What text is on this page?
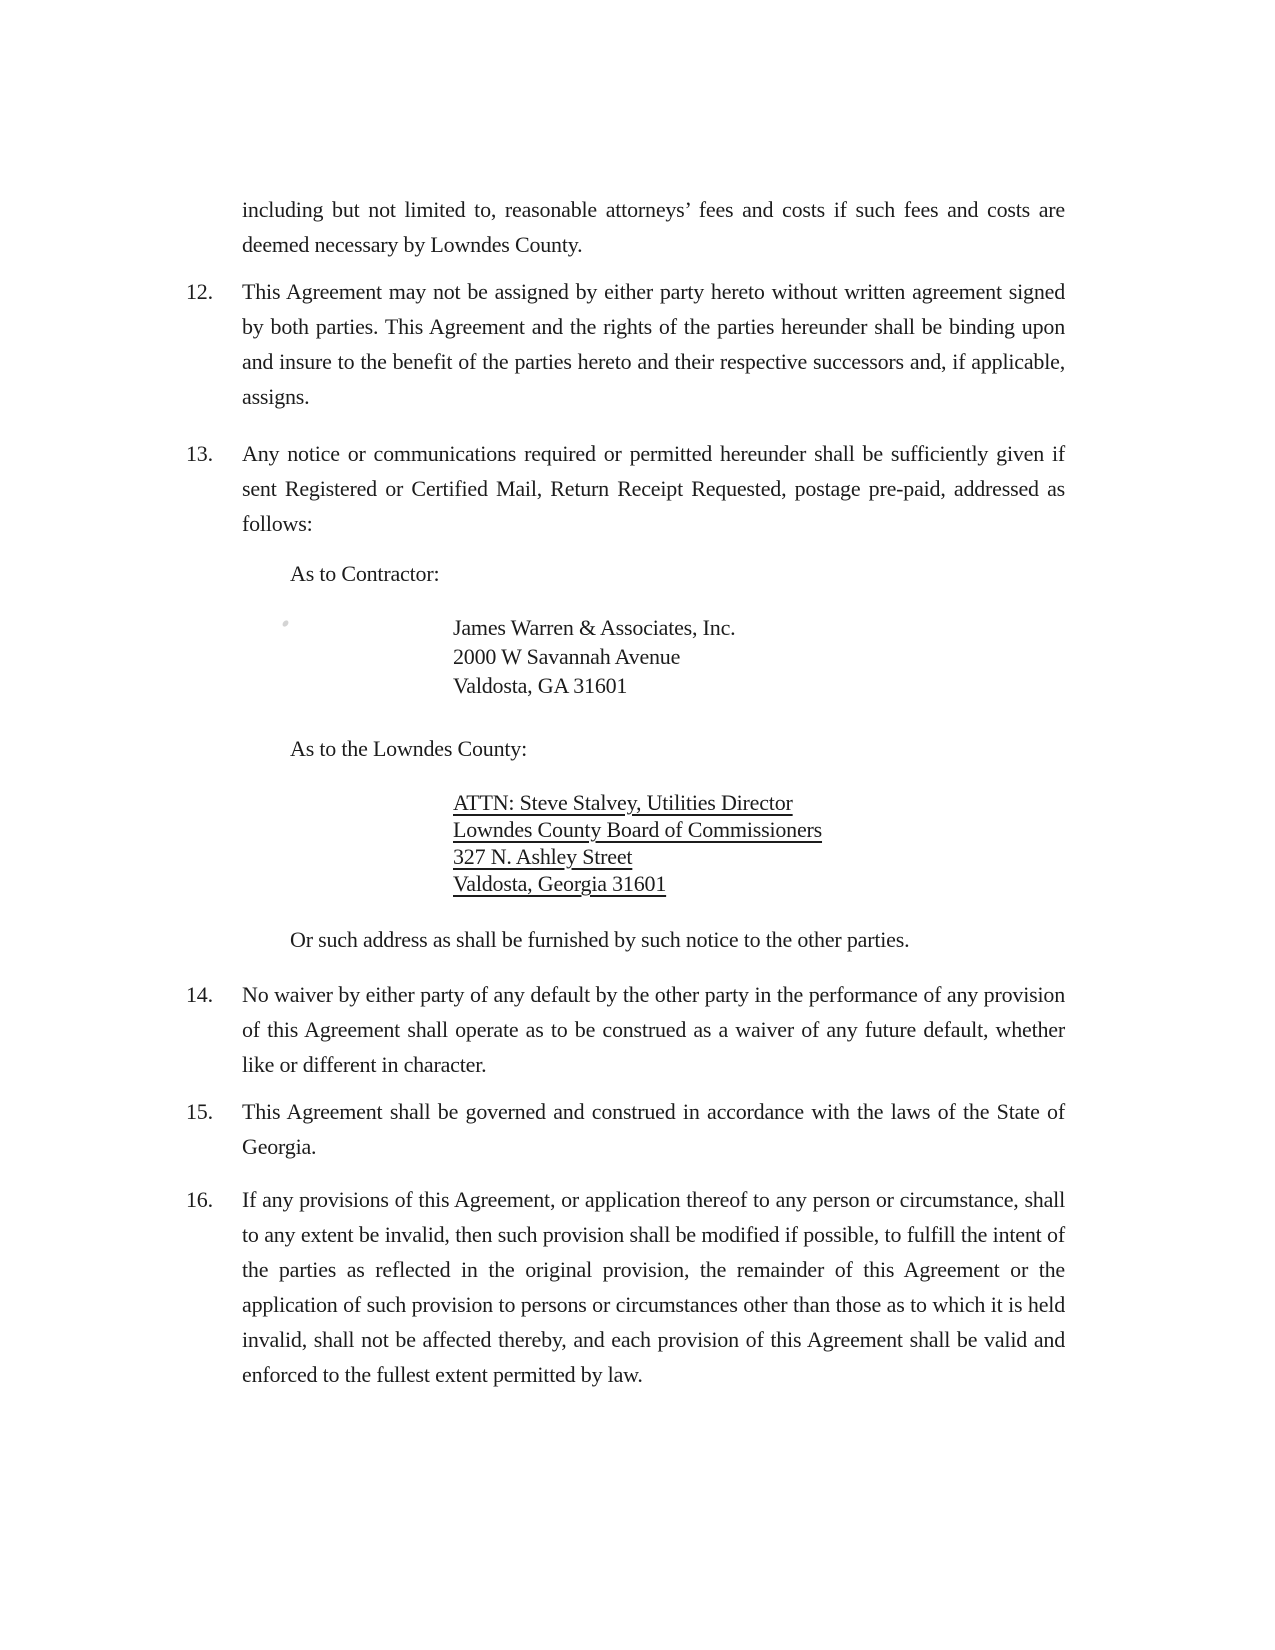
including but not limited to, reasonable attorneys’ fees and costs if such fees and costs are deemed necessary by Lowndes County.
12.	This Agreement may not be assigned by either party hereto without written agreement signed by both parties. This Agreement and the rights of the parties hereunder shall be binding upon and insure to the benefit of the parties hereto and their respective successors and, if applicable, assigns.
13.	Any notice or communications required or permitted hereunder shall be sufficiently given if sent Registered or Certified Mail, Return Receipt Requested, postage pre-paid, addressed as follows:
As to Contractor:
James Warren & Associates, Inc.
2000 W Savannah Avenue
Valdosta, GA 31601
As to the Lowndes County:
ATTN: Steve Stalvey, Utilities Director
Lowndes County Board of Commissioners
327 N. Ashley Street
Valdosta, Georgia 31601
Or such address as shall be furnished by such notice to the other parties.
14.	No waiver by either party of any default by the other party in the performance of any provision of this Agreement shall operate as to be construed as a waiver of any future default, whether like or different in character.
15.	This Agreement shall be governed and construed in accordance with the laws of the State of Georgia.
16.	If any provisions of this Agreement, or application thereof to any person or circumstance, shall to any extent be invalid, then such provision shall be modified if possible, to fulfill the intent of the parties as reflected in the original provision, the remainder of this Agreement or the application of such provision to persons or circumstances other than those as to which it is held invalid, shall not be affected thereby, and each provision of this Agreement shall be valid and enforced to the fullest extent permitted by law.
